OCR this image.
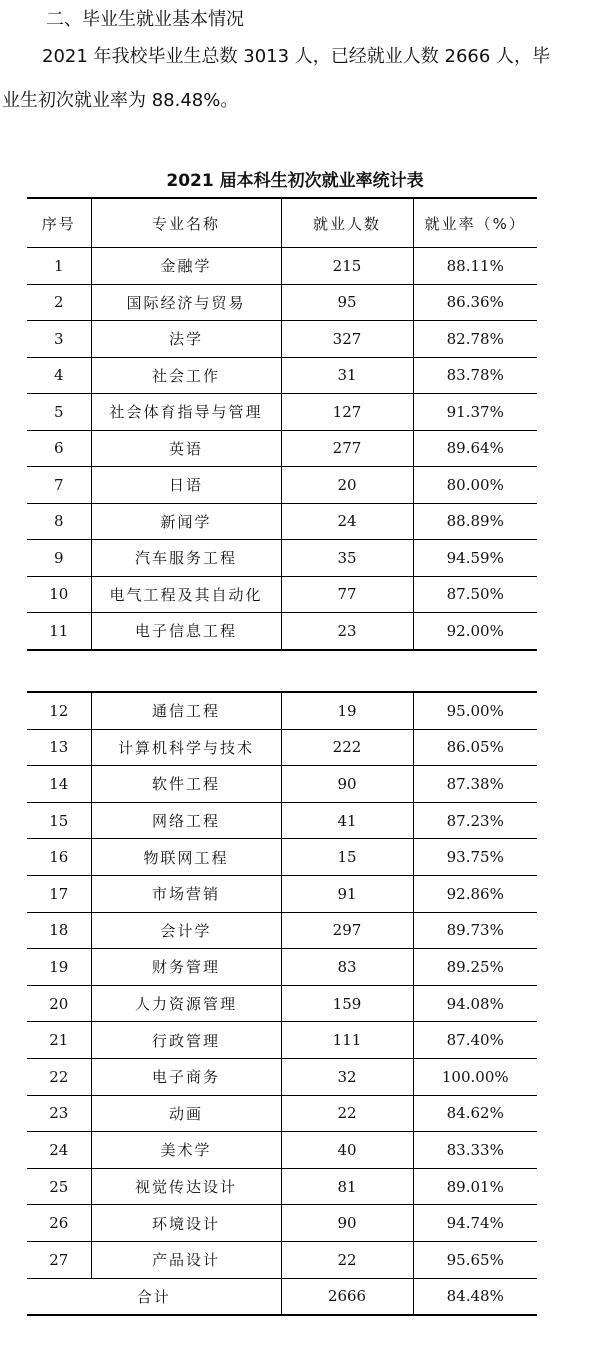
二、毕业生就业基本情况
2021 年我校毕业生总数 3013 人，已经就业人数 2666 人，毕
业生初次就业率为 88.48%。
2021 届本科生初次就业率统计表
序号	专业名称	就业人数	就业率（%）
1	金融学	215	88.11%
2	国际经济与贸易	95	86.36%
3	法学	327	82.78%
4	社会工作	31	83.78%
5	社会体育指导与管理	127	91.37%
6	英语	277	89.64%
7	日语	20	80.00%
8	新闻学	24	88.89%
9	汽车服务工程	35	94.59%
10	电气工程及其自动化	77	87.50%
11	电子信息工程	23	92.00%
12	通信工程	19	95.00%
13	计算机科学与技术	222	86.05%
14	软件工程	90	87.38%
15	网络工程	41	87.23%
16	物联网工程	15	93.75%
17	市场营销	91	92.86%
18	会计学	297	89.73%
19	财务管理	83	89.25%
20	人力资源管理	159	94.08%
21	行政管理	111	87.40%
22	电子商务	32	100.00%
23	动画	22	84.62%
24	美术学	40	83.33%
25	视觉传达设计	81	89.01%
26	环境设计	90	94.74%
27	产品设计	22	95.65%
合计		2666	84.48%
